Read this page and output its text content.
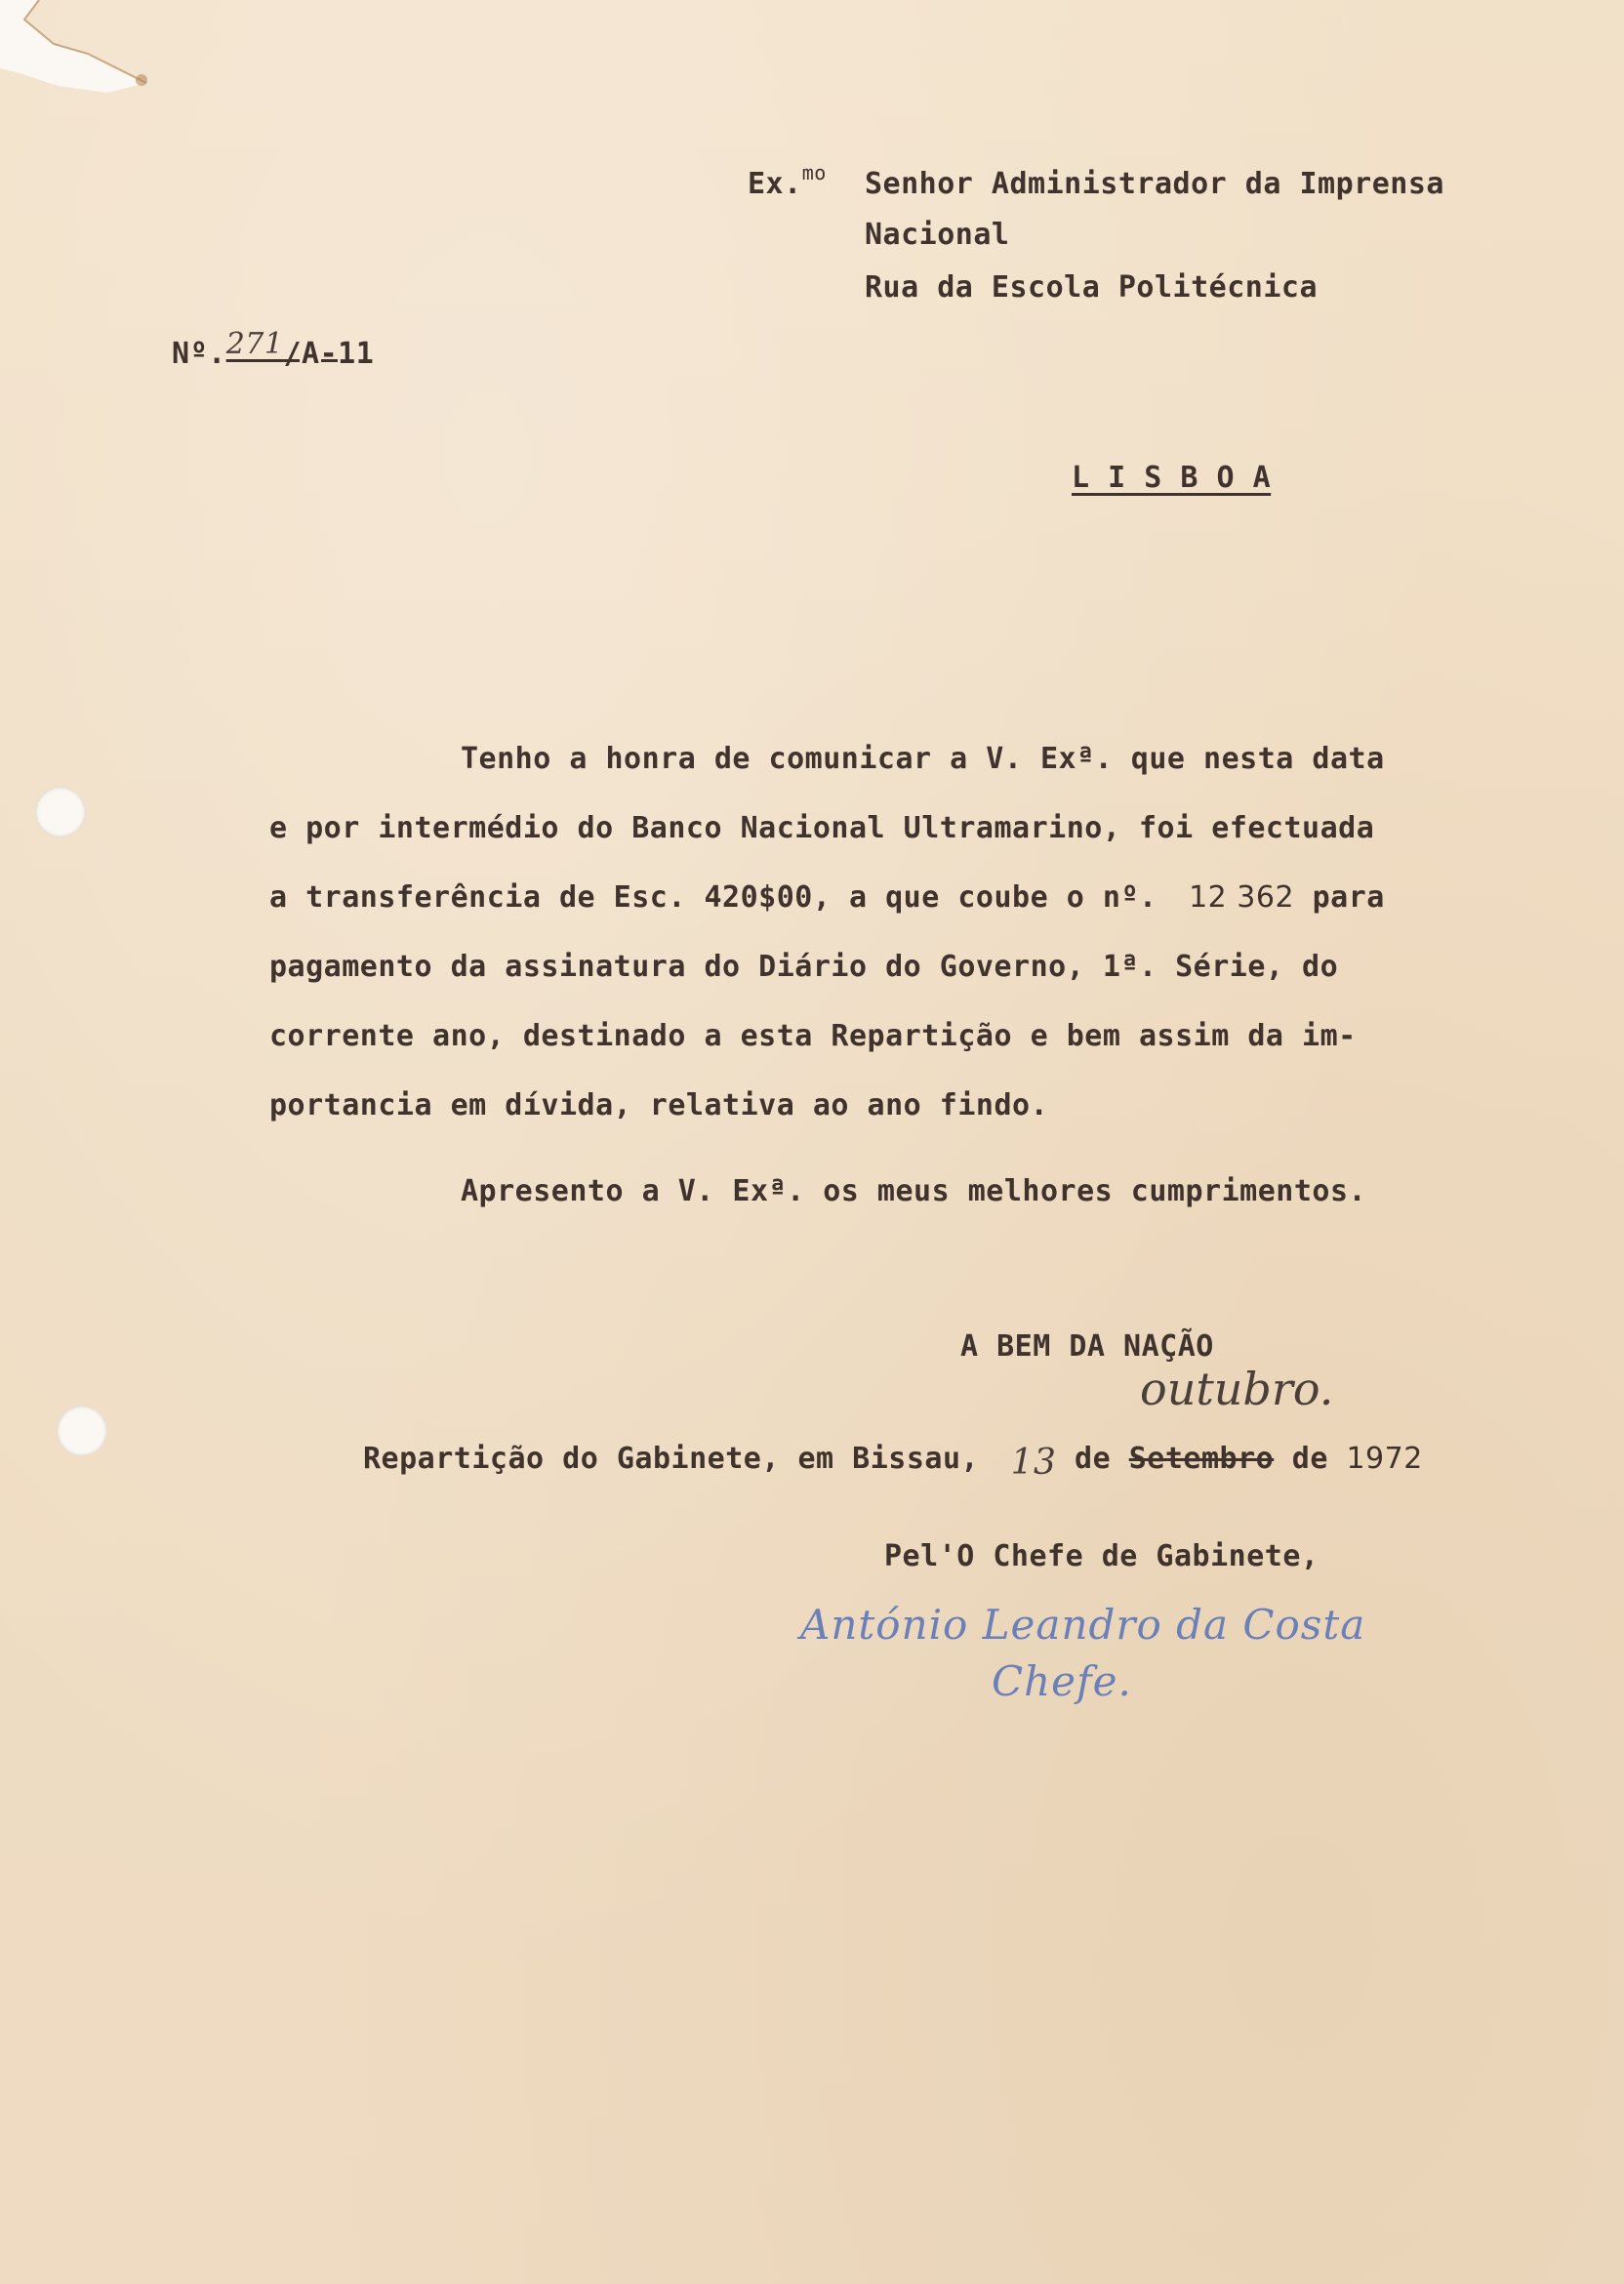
Ex.$^{mo}$ Senhor Administrador da Imprensa
Nacional
Rua da Escola Politécnica
Nº.271/A-11
L I S B O A
Tenho a honra de comunicar a V. Exª. que nesta data
e por intermédio do Banco Nacional Ultramarino, foi efectuada
a transferência de Esc. 420$00, a que coube o nº. 12 362 para
pagamento da assinatura do Diário do Governo, 1ª. Série, do
corrente ano, destinado a esta Repartição e bem assim da im-
portancia em dívida, relativa ao ano findo.
Apresento a V. Exª. os meus melhores cumprimentos.
A BEM DA NAÇÃO
outubro.
Repartição do Gabinete, em Bissau, 13 de Setembro de 1972
Pel'O Chefe de Gabinete,
António Leandro da Costa
Chefe.
